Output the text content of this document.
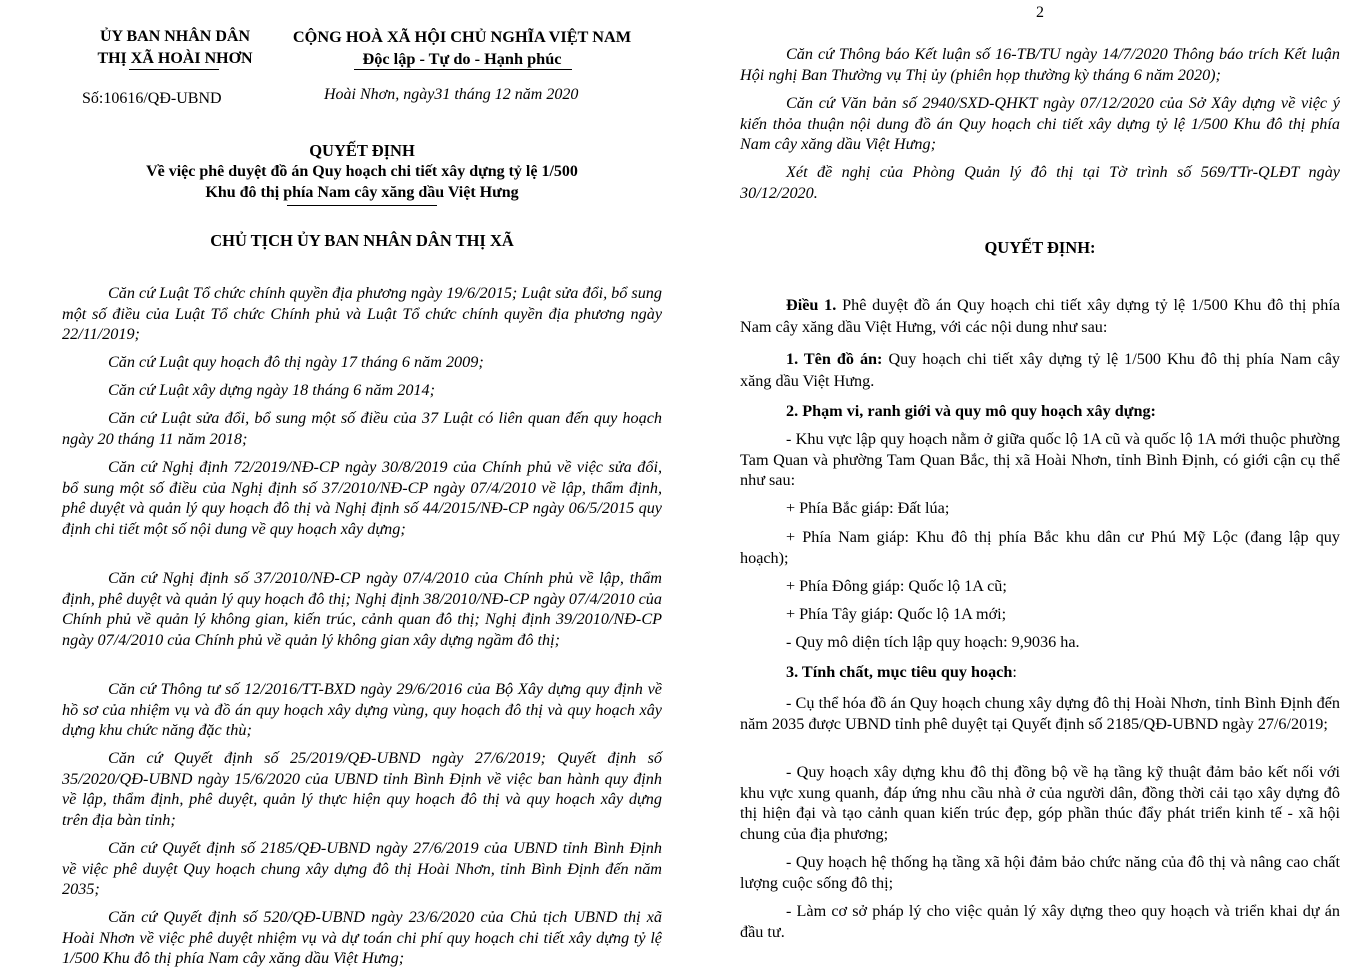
ỦY BAN NHÂN DÂN
THỊ XÃ HOÀI NHƠN
Số:10616/QĐ-UBND
CỘNG HOÀ XÃ HỘI CHỦ NGHĨA VIỆT NAM
Độc lập - Tự do - Hạnh phúc
Hoài Nhơn, ngày31 tháng 12 năm 2020
QUYẾT ĐỊNH
Về việc phê duyệt đồ án Quy hoạch chi tiết xây dựng tỷ lệ 1/500
Khu đô thị phía Nam cây xăng dầu Việt Hưng
CHỦ TỊCH ỦY BAN NHÂN DÂN THỊ XÃ
Căn cứ Luật Tổ chức chính quyền địa phương ngày 19/6/2015; Luật sửa đổi, bổ sung một số điều của Luật Tổ chức Chính phủ và Luật Tổ chức chính quyền địa phương ngày 22/11/2019;
Căn cứ Luật quy hoạch đô thị ngày 17 tháng 6 năm 2009;
Căn cứ Luật xây dựng ngày 18 tháng 6 năm 2014;
Căn cứ Luật sửa đổi, bổ sung một số điều của 37 Luật có liên quan đến quy hoạch ngày 20 tháng 11 năm 2018;
Căn cứ Nghị định 72/2019/NĐ-CP ngày 30/8/2019 của Chính phủ về việc sửa đổi, bổ sung một số điều của Nghị định số 37/2010/NĐ-CP ngày 07/4/2010 về lập, thẩm định, phê duyệt và quản lý quy hoạch đô thị và Nghị định số 44/2015/NĐ-CP ngày 06/5/2015 quy định chi tiết một số nội dung về quy hoạch xây dựng;
Căn cứ Nghị định số 37/2010/NĐ-CP ngày 07/4/2010 của Chính phủ về lập, thẩm định, phê duyệt và quản lý quy hoạch đô thị; Nghị định 38/2010/NĐ-CP ngày 07/4/2010 của Chính phủ về quản lý không gian, kiến trúc, cảnh quan đô thị; Nghị định 39/2010/NĐ-CP ngày 07/4/2010 của Chính phủ về quản lý không gian xây dựng ngầm đô thị;
Căn cứ Thông tư số 12/2016/TT-BXD ngày 29/6/2016 của Bộ Xây dựng quy định về hồ sơ của nhiệm vụ và đồ án quy hoạch xây dựng vùng, quy hoạch đô thị và quy hoạch xây dựng khu chức năng đặc thù;
Căn cứ Quyết định số 25/2019/QĐ-UBND ngày 27/6/2019; Quyết định số 35/2020/QĐ-UBND ngày 15/6/2020 của UBND tỉnh Bình Định về việc ban hành quy định về lập, thẩm định, phê duyệt, quản lý thực hiện quy hoạch đô thị và quy hoạch xây dựng trên địa bàn tỉnh;
Căn cứ Quyết định số 2185/QĐ-UBND ngày 27/6/2019 của UBND tỉnh Bình Định về việc phê duyệt Quy hoạch chung xây dựng đô thị Hoài Nhơn, tỉnh Bình Định đến năm 2035;
Căn cứ Quyết định số 520/QĐ-UBND ngày 23/6/2020 của Chủ tịch UBND thị xã Hoài Nhơn về việc phê duyệt nhiệm vụ và dự toán chi phí quy hoạch chi tiết xây dựng tỷ lệ 1/500 Khu đô thị phía Nam cây xăng dầu Việt Hưng;
2
Căn cứ Thông báo Kết luận số 16-TB/TU ngày 14/7/2020 Thông báo trích Kết luận Hội nghị Ban Thường vụ Thị ủy (phiên họp thường kỳ tháng 6 năm 2020);
Căn cứ Văn bản số 2940/SXD-QHKT ngày 07/12/2020 của Sở Xây dựng về việc ý kiến thỏa thuận nội dung đồ án Quy hoạch chi tiết xây dựng tỷ lệ 1/500 Khu đô thị phía Nam cây xăng dầu Việt Hưng;
Xét đề nghị của Phòng Quản lý đô thị tại Tờ trình số 569/TTr-QLĐT ngày 30/12/2020.
QUYẾT ĐỊNH:
Điều 1. Phê duyệt đồ án Quy hoạch chi tiết xây dựng tỷ lệ 1/500 Khu đô thị phía Nam cây xăng dầu Việt Hưng, với các nội dung như sau:
1. Tên đồ án: Quy hoạch chi tiết xây dựng tỷ lệ 1/500 Khu đô thị phía Nam cây xăng dầu Việt Hưng.
2. Phạm vi, ranh giới và quy mô quy hoạch xây dựng:
- Khu vực lập quy hoạch nằm ở giữa quốc lộ 1A cũ và quốc lộ 1A mới thuộc phường Tam Quan và phường Tam Quan Bắc, thị xã Hoài Nhơn, tỉnh Bình Định, có giới cận cụ thể như sau:
+ Phía Bắc giáp: Đất lúa;
+ Phía Nam giáp: Khu đô thị phía Bắc khu dân cư Phú Mỹ Lộc (đang lập quy hoạch);
+ Phía Đông giáp: Quốc lộ 1A cũ;
+ Phía Tây giáp: Quốc lộ 1A mới;
- Quy mô diện tích lập quy hoạch: 9,9036 ha.
3. Tính chất, mục tiêu quy hoạch:
- Cụ thể hóa đồ án Quy hoạch chung xây dựng đô thị Hoài Nhơn, tỉnh Bình Định đến năm 2035 được UBND tỉnh phê duyệt tại Quyết định số 2185/QĐ-UBND ngày 27/6/2019;
- Quy hoạch xây dựng khu đô thị đồng bộ về hạ tầng kỹ thuật đảm bảo kết nối với khu vực xung quanh, đáp ứng nhu cầu nhà ở của người dân, đồng thời cải tạo xây dựng đô thị hiện đại và tạo cảnh quan kiến trúc đẹp, góp phần thúc đẩy phát triển kinh tế - xã hội chung của địa phương;
- Quy hoạch hệ thống hạ tầng xã hội đảm bảo chức năng của đô thị và nâng cao chất lượng cuộc sống đô thị;
- Làm cơ sở pháp lý cho việc quản lý xây dựng theo quy hoạch và triển khai dự án đầu tư.
